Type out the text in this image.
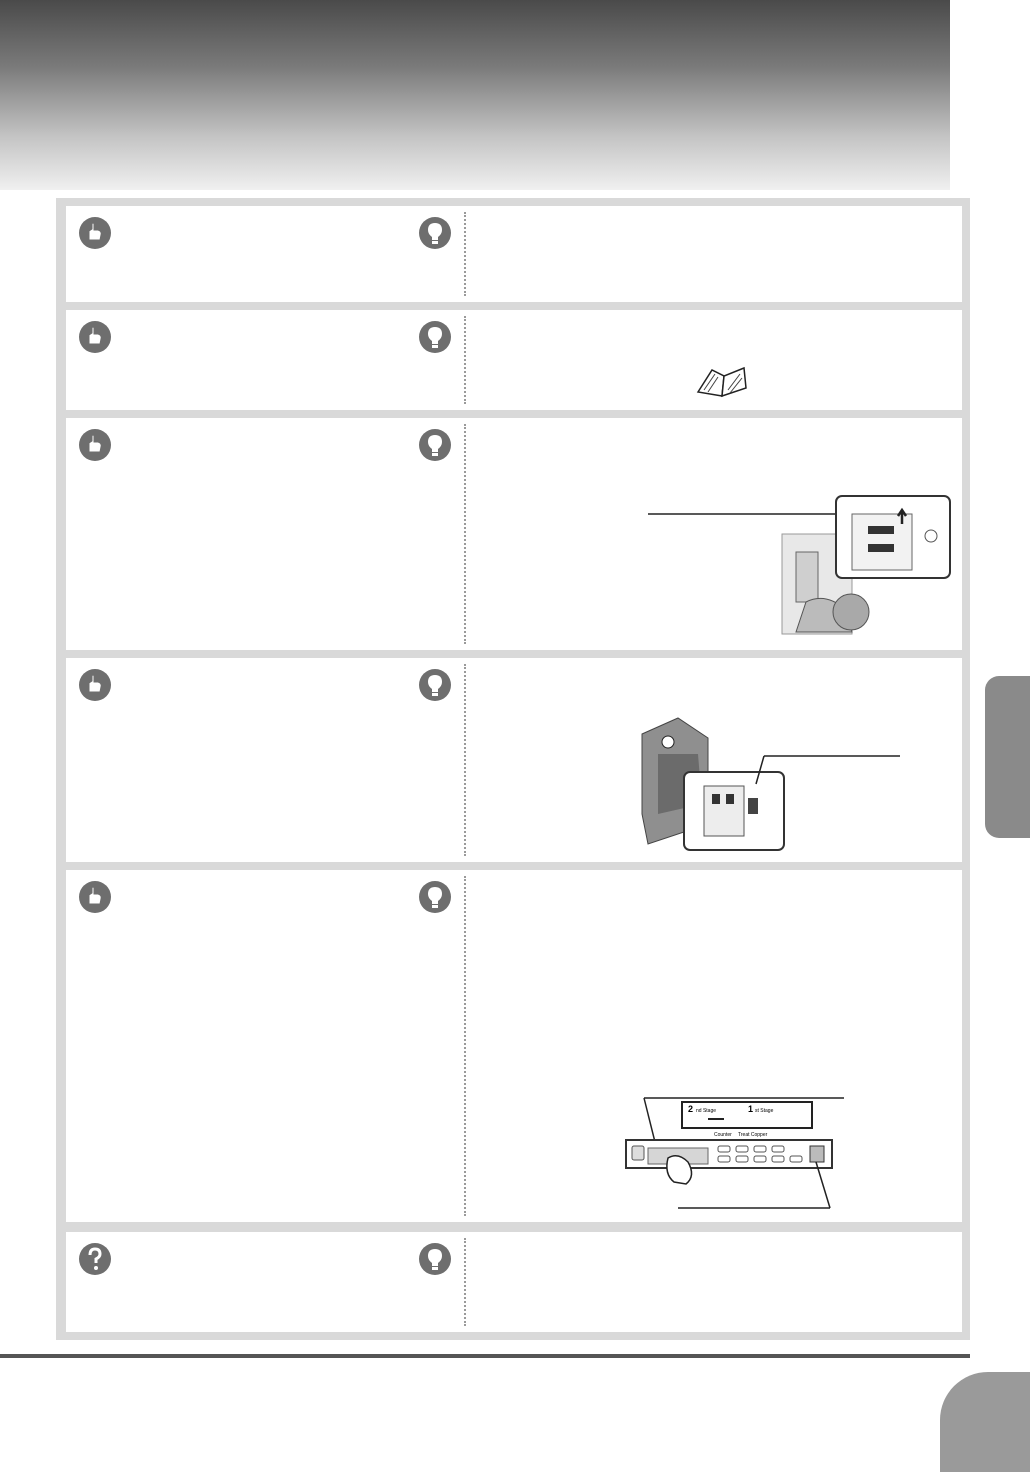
2 nd Stage	1 st Stage
Counter Treat Copper
